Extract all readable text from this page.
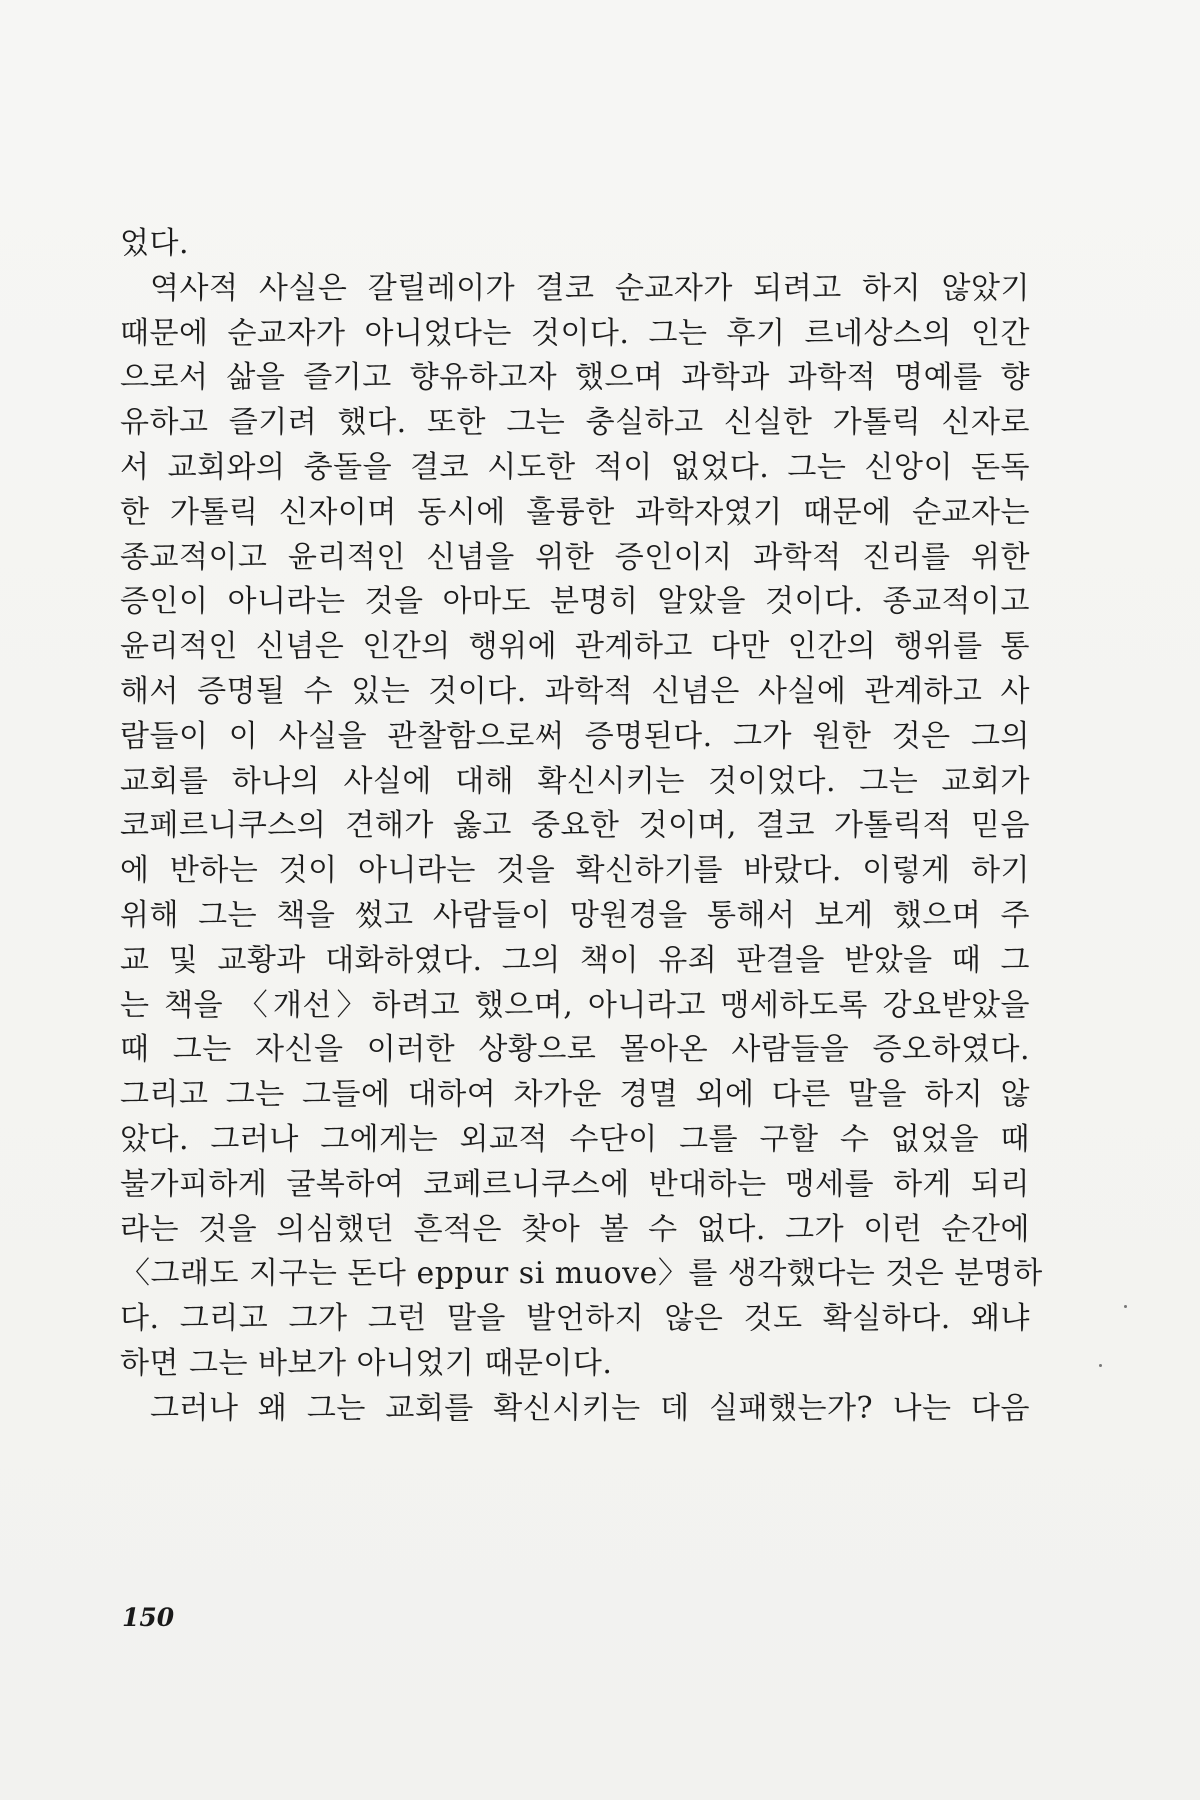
었다.
역사적 사실은 갈릴레이가 결코 순교자가 되려고 하지 않았기
때문에 순교자가 아니었다는 것이다. 그는 후기 르네상스의 인간
으로서 삶을 즐기고 향유하고자 했으며 과학과 과학적 명예를 향
유하고 즐기려 했다. 또한 그는 충실하고 신실한 가톨릭 신자로
서 교회와의 충돌을 결코 시도한 적이 없었다. 그는 신앙이 돈독
한 가톨릭 신자이며 동시에 훌륭한 과학자였기 때문에 순교자는
종교적이고 윤리적인 신념을 위한 증인이지 과학적 진리를 위한
증인이 아니라는 것을 아마도 분명히 알았을 것이다. 종교적이고
윤리적인 신념은 인간의 행위에 관계하고 다만 인간의 행위를 통
해서 증명될 수 있는 것이다. 과학적 신념은 사실에 관계하고 사
람들이 이 사실을 관찰함으로써 증명된다. 그가 원한 것은 그의
교회를 하나의 사실에 대해 확신시키는 것이었다. 그는 교회가
코페르니쿠스의 견해가 옳고 중요한 것이며, 결코 가톨릭적 믿음
에 반하는 것이 아니라는 것을 확신하기를 바랐다. 이렇게 하기
위해 그는 책을 썼고 사람들이 망원경을 통해서 보게 했으며 주
교 및 교황과 대화하였다. 그의 책이 유죄 판결을 받았을 때 그
는 책을 〈개선〉하려고 했으며, 아니라고 맹세하도록 강요받았을
때 그는 자신을 이러한 상황으로 몰아온 사람들을 증오하였다.
그리고 그는 그들에 대하여 차가운 경멸 외에 다른 말을 하지 않
았다. 그러나 그에게는 외교적 수단이 그를 구할 수 없었을 때
불가피하게 굴복하여 코페르니쿠스에 반대하는 맹세를 하게 되리
라는 것을 의심했던 흔적은 찾아 볼 수 없다. 그가 이런 순간에
〈그래도 지구는 돈다 eppur si muove〉를 생각했다는 것은 분명하
다. 그리고 그가 그런 말을 발언하지 않은 것도 확실하다. 왜냐
하면 그는 바보가 아니었기 때문이다.
그러나 왜 그는 교회를 확신시키는 데 실패했는가? 나는 다음
150
